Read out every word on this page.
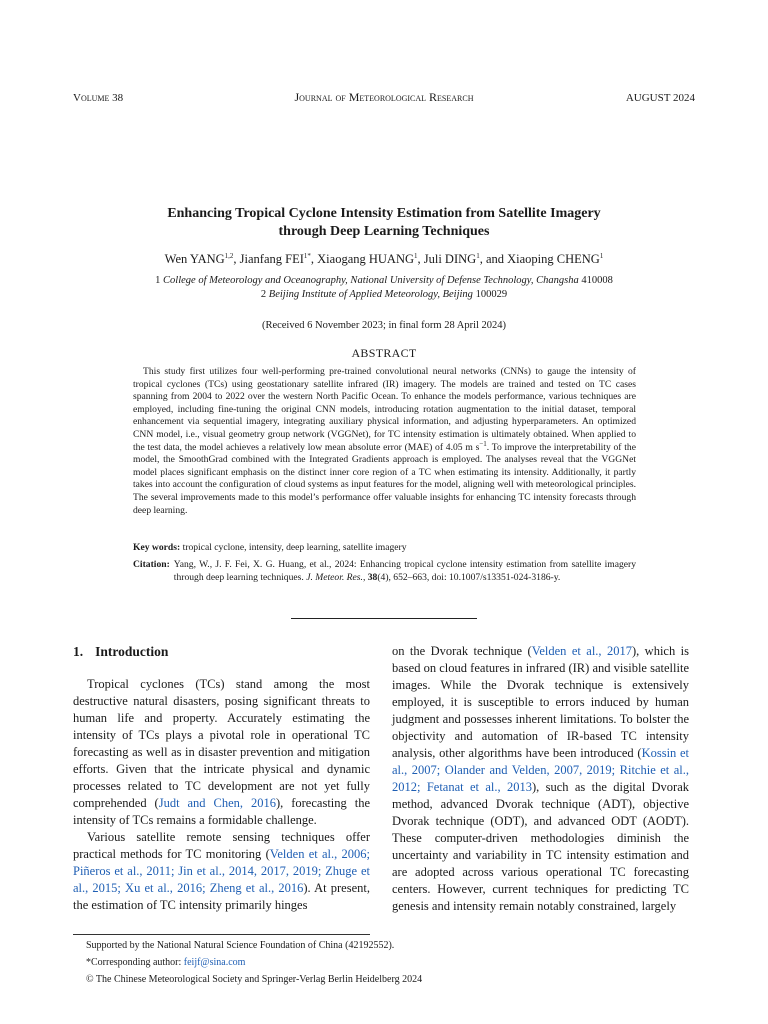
Volume 38	Journal of Meteorological Research	AUGUST 2024
Enhancing Tropical Cyclone Intensity Estimation from Satellite Imagery
through Deep Learning Techniques
Wen YANG$^{1,2}$, Jianfang $FEI^{1*}$, Xiaogang HUANG$^1$, Juli DING$^1$, and Xiaoping CHENG$^1$
1 College of Meteorology and Oceanography, National University of Defense Technology, Changsha 410008
2 Beijing Institute of Applied Meteorology, Beijing 100029
(Received 6 November 2023; in final form 28 April 2024)
ABSTRACT

This study first utilizes four well-performing pre-trained convolutional neural networks (CNNs) to gauge the intensity of tropical cyclones (TCs) using geostationary satellite infrared (IR) imagery. The models are trained and tested on TC cases spanning from 2004 to 2022 over the western North Pacific Ocean. To enhance the models performance, various techniques are employed, including fine-tuning the original CNN models, introducing rotation augmentation to the initial dataset, temporal enhancement via sequential imagery, integrating auxiliary physical information, and adjusting hyperparameters. An optimized CNN model, i.e., visual geometry group network (VGGNet), for TC intensity estimation is ultimately obtained. When applied to the test data, the model achieves a relatively low mean absolute error (MAE) of 4.05 m $s^{-1}$. To improve the interpretability of the model, the SmoothGrad combined with the Integrated Gradients approach is employed. The analyses reveal that the VGGNet model places significant emphasis on the distinct inner core region of a TC when estimating its intensity. Additionally, it partly takes into account the configuration of cloud systems as input features for the model, aligning well with meteorological principles. The several improvements made to this model’s performance offer valuable insights for enhancing TC intensity forecasts through deep learning.

Key words: tropical cyclone, intensity, deep learning, satellite imagery
Citation: Yang, W., J. F. Fei, X. G. Huang, et al., 2024: Enhancing tropical cyclone intensity estimation from satellite imagery through deep learning techniques. J. Meteor. Res., 38(4), 652–663, doi: 10.1007/s13351-024-3186-y.
1. Introduction

Tropical cyclones (TCs) stand among the most destructive natural disasters, posing significant threats to human life and property. Accurately estimating the intensity of TCs plays a pivotal role in operational TC forecasting as well as in disaster prevention and mitigation efforts. Given that the intricate physical and dynamic processes related to TC development are not yet fully comprehended (Judt and Chen, 2016), forecasting the intensity of TCs remains a formidable challenge.

Various satellite remote sensing techniques offer practical methods for TC monitoring (Velden et al., 2006; Piñeros et al., 2011; Jin et al., 2014, 2017, 2019; Zhuge et al., 2015; Xu et al., 2016; Zheng et al., 2016). At present, the estimation of TC intensity primarily hinges

on the Dvorak technique (Velden et al., 2017), which is based on cloud features in infrared (IR) and visible satellite images. While the Dvorak technique is extensively employed, it is susceptible to errors induced by human judgment and possesses inherent limitations. To bolster the objectivity and automation of IR-based TC intensity analysis, other algorithms have been introduced (Kossin et al., 2007; Olander and Velden, 2007, 2019; Ritchie et al., 2012; Fetanat et al., 2013), such as the digital Dvorak method, advanced Dvorak technique (ADT), objective Dvorak technique (ODT), and advanced ODT (AODT). These computer-driven methodologies diminish the uncertainty and variability in TC intensity estimation and are adopted across various operational TC forecasting centers. However, current techniques for predicting TC genesis and intensity remain notably constrained, largely

Supported by the National Natural Science Foundation of China (42192552).
*Corresponding author: feijf@sina.com
© The Chinese Meteorological Society and Springer-Verlag Berlin Heidelberg 2024
